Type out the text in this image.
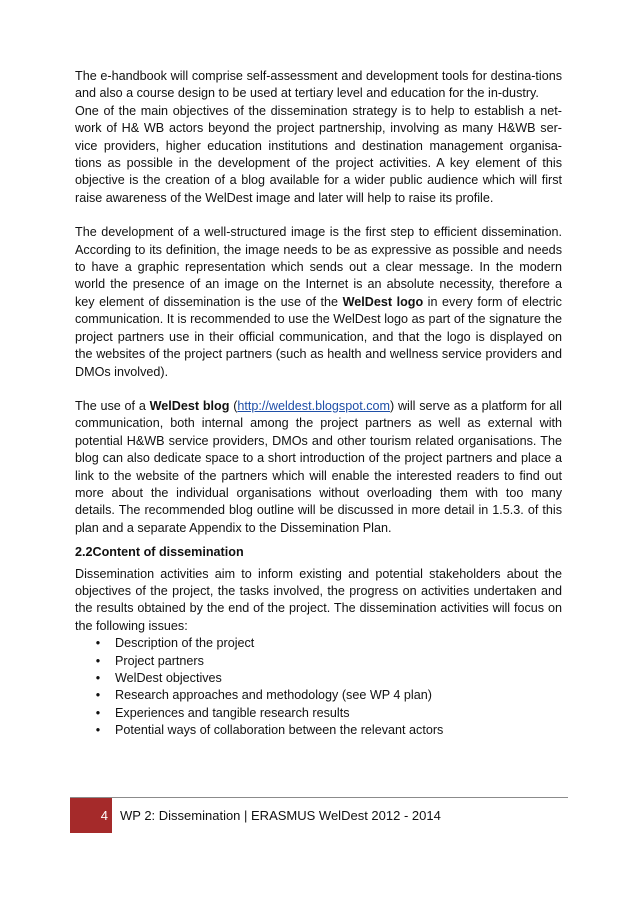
The e-handbook will comprise self-assessment and development tools for destina-tions and also a course design to be used at tertiary level and education for the in-dustry.

One of the main objectives of the dissemination strategy is to help to establish a net-work of H& WB actors beyond the project partnership, involving as many H&WB ser-vice providers, higher education institutions and destination management organisa-tions as possible in the development of the project activities. A key element of this objective is the creation of a blog available for a wider public audience which will first raise awareness of the WelDest image and later will help to raise its profile.

The development of a well-structured image is the first step to efficient dissemination. According to its definition, the image needs to be as expressive as possible and needs to have a graphic representation which sends out a clear message. In the modern world the presence of an image on the Internet is an absolute necessity, therefore a key element of dissemination is the use of the WelDest logo in every form of electric communication. It is recommended to use the WelDest logo as part of the signature the project partners use in their official communication, and that the logo is displayed on the websites of the project partners (such as health and wellness service providers and DMOs involved).

The use of a WelDest blog (http://weldest.blogspot.com) will serve as a platform for all communication, both internal among the project partners as well as external with potential H&WB service providers, DMOs and other tourism related organisations. The blog can also dedicate space to a short introduction of the project partners and place a link to the website of the partners which will enable the interested readers to find out more about the individual organisations without overloading them with too many details. The recommended blog outline will be discussed in more detail in 1.5.3. of this plan and a separate Appendix to the Dissemination Plan.

2.2Content of dissemination

Dissemination activities aim to inform existing and potential stakeholders about the objectives of the project, the tasks involved, the progress on activities undertaken and the results obtained by the end of the project. The dissemination activities will focus on the following issues:

• Description of the project
• Project partners
• WelDest objectives
• Research approaches and methodology (see WP 4 plan)
• Experiences and tangible research results
• Potential ways of collaboration between the relevant actors
4 WP 2: Dissemination | ERASMUS WelDest 2012 - 2014
